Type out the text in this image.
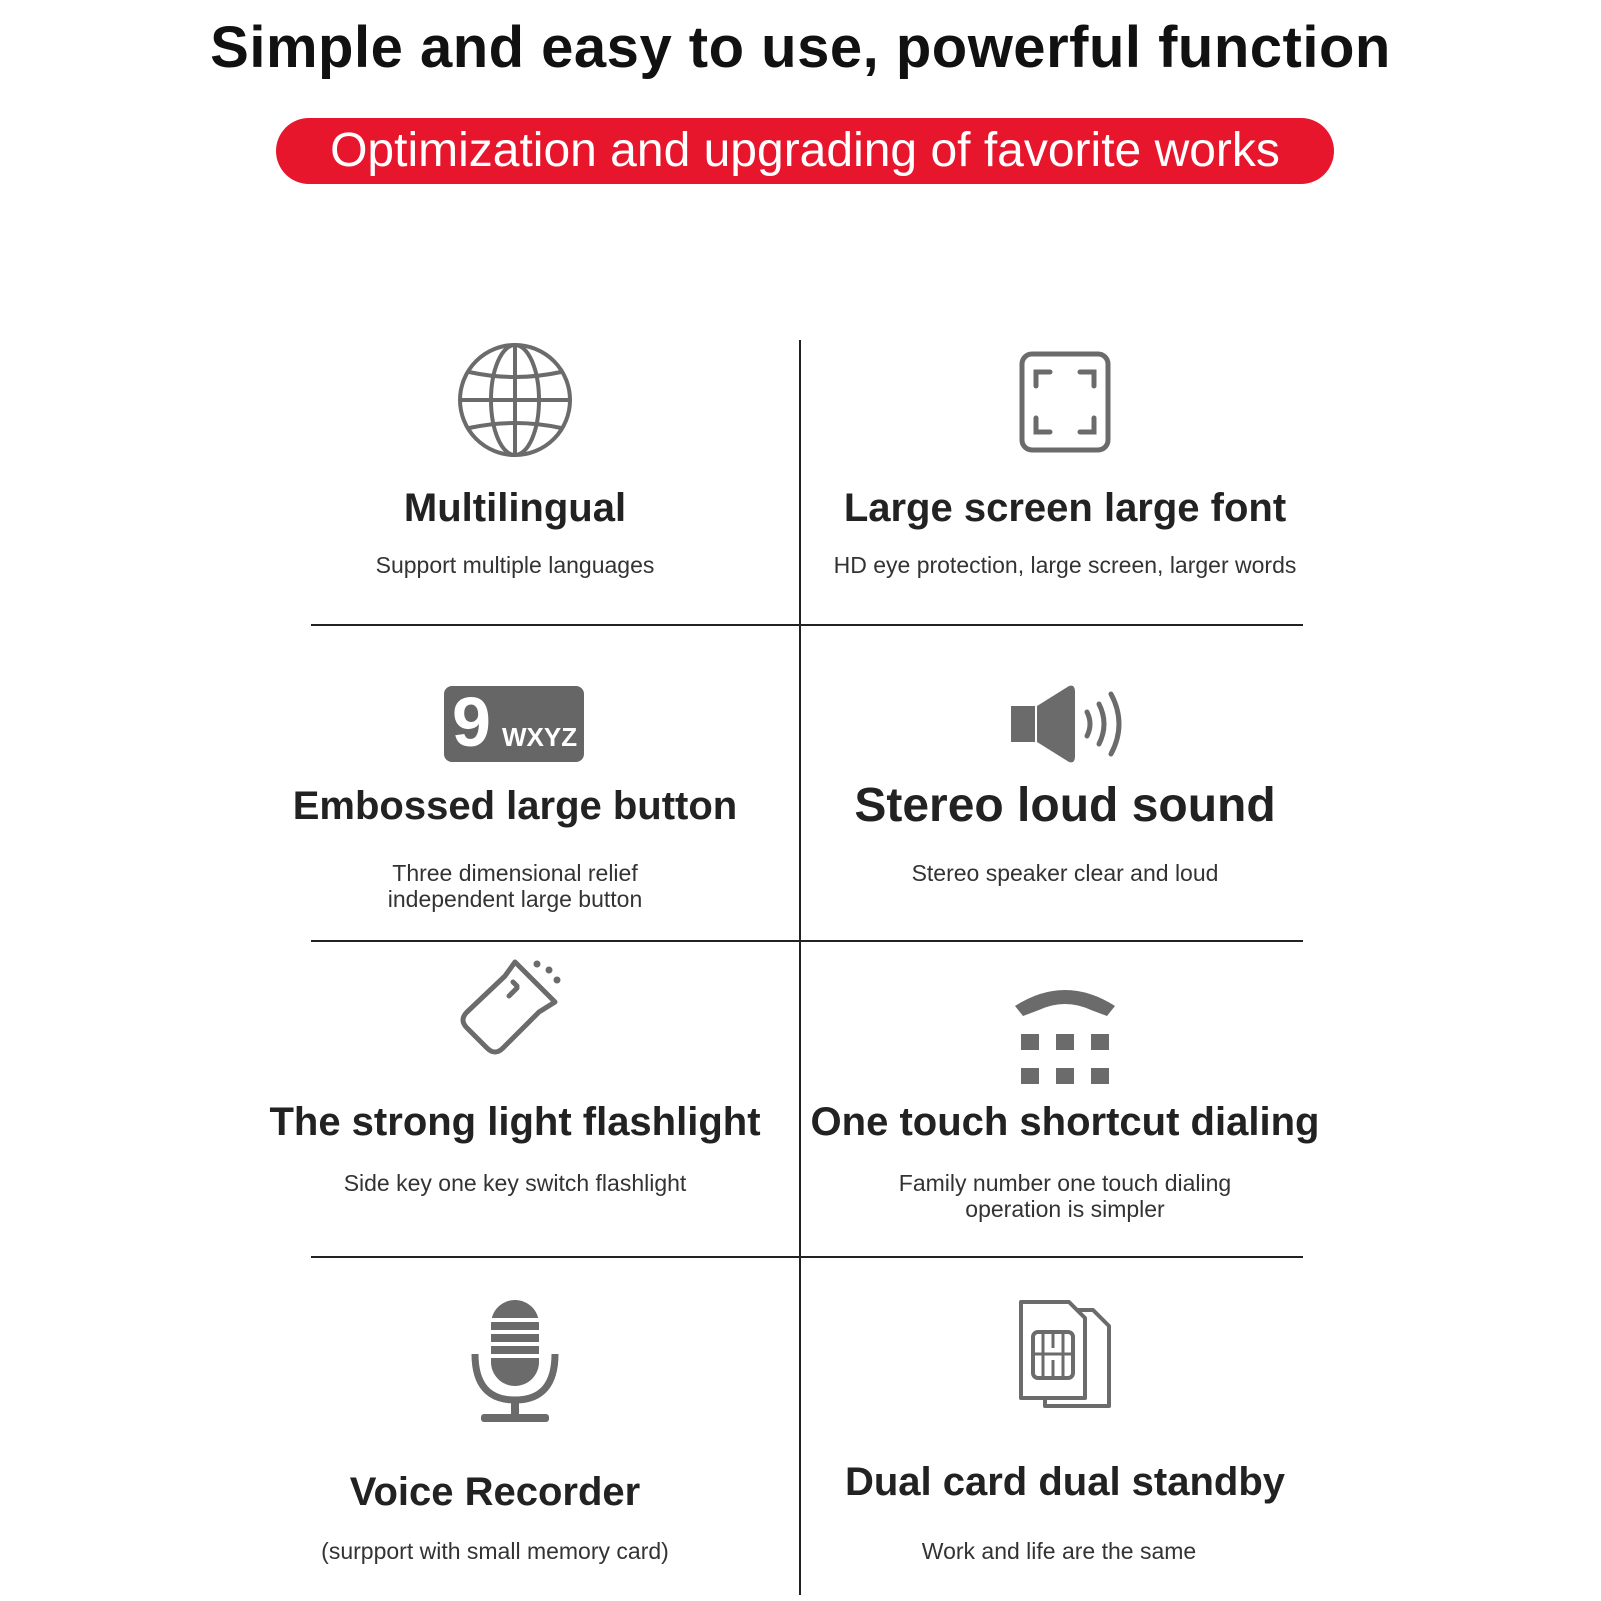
Simple and easy to use, powerful function
Optimization and upgrading of favorite works
Multilingual
Support multiple languages
Large screen large font
HD eye protection, large screen, larger words
9 WXYZ
Embossed large button
Three dimensional relief
independent large button
Stereo loud sound
Stereo speaker clear and loud
The strong light flashlight
Side key one key switch flashlight
One touch shortcut dialing
Family number one touch dialing
operation is simpler
Voice Recorder
(surpport with small memory card)
Dual card dual standby
Work and life are the same
